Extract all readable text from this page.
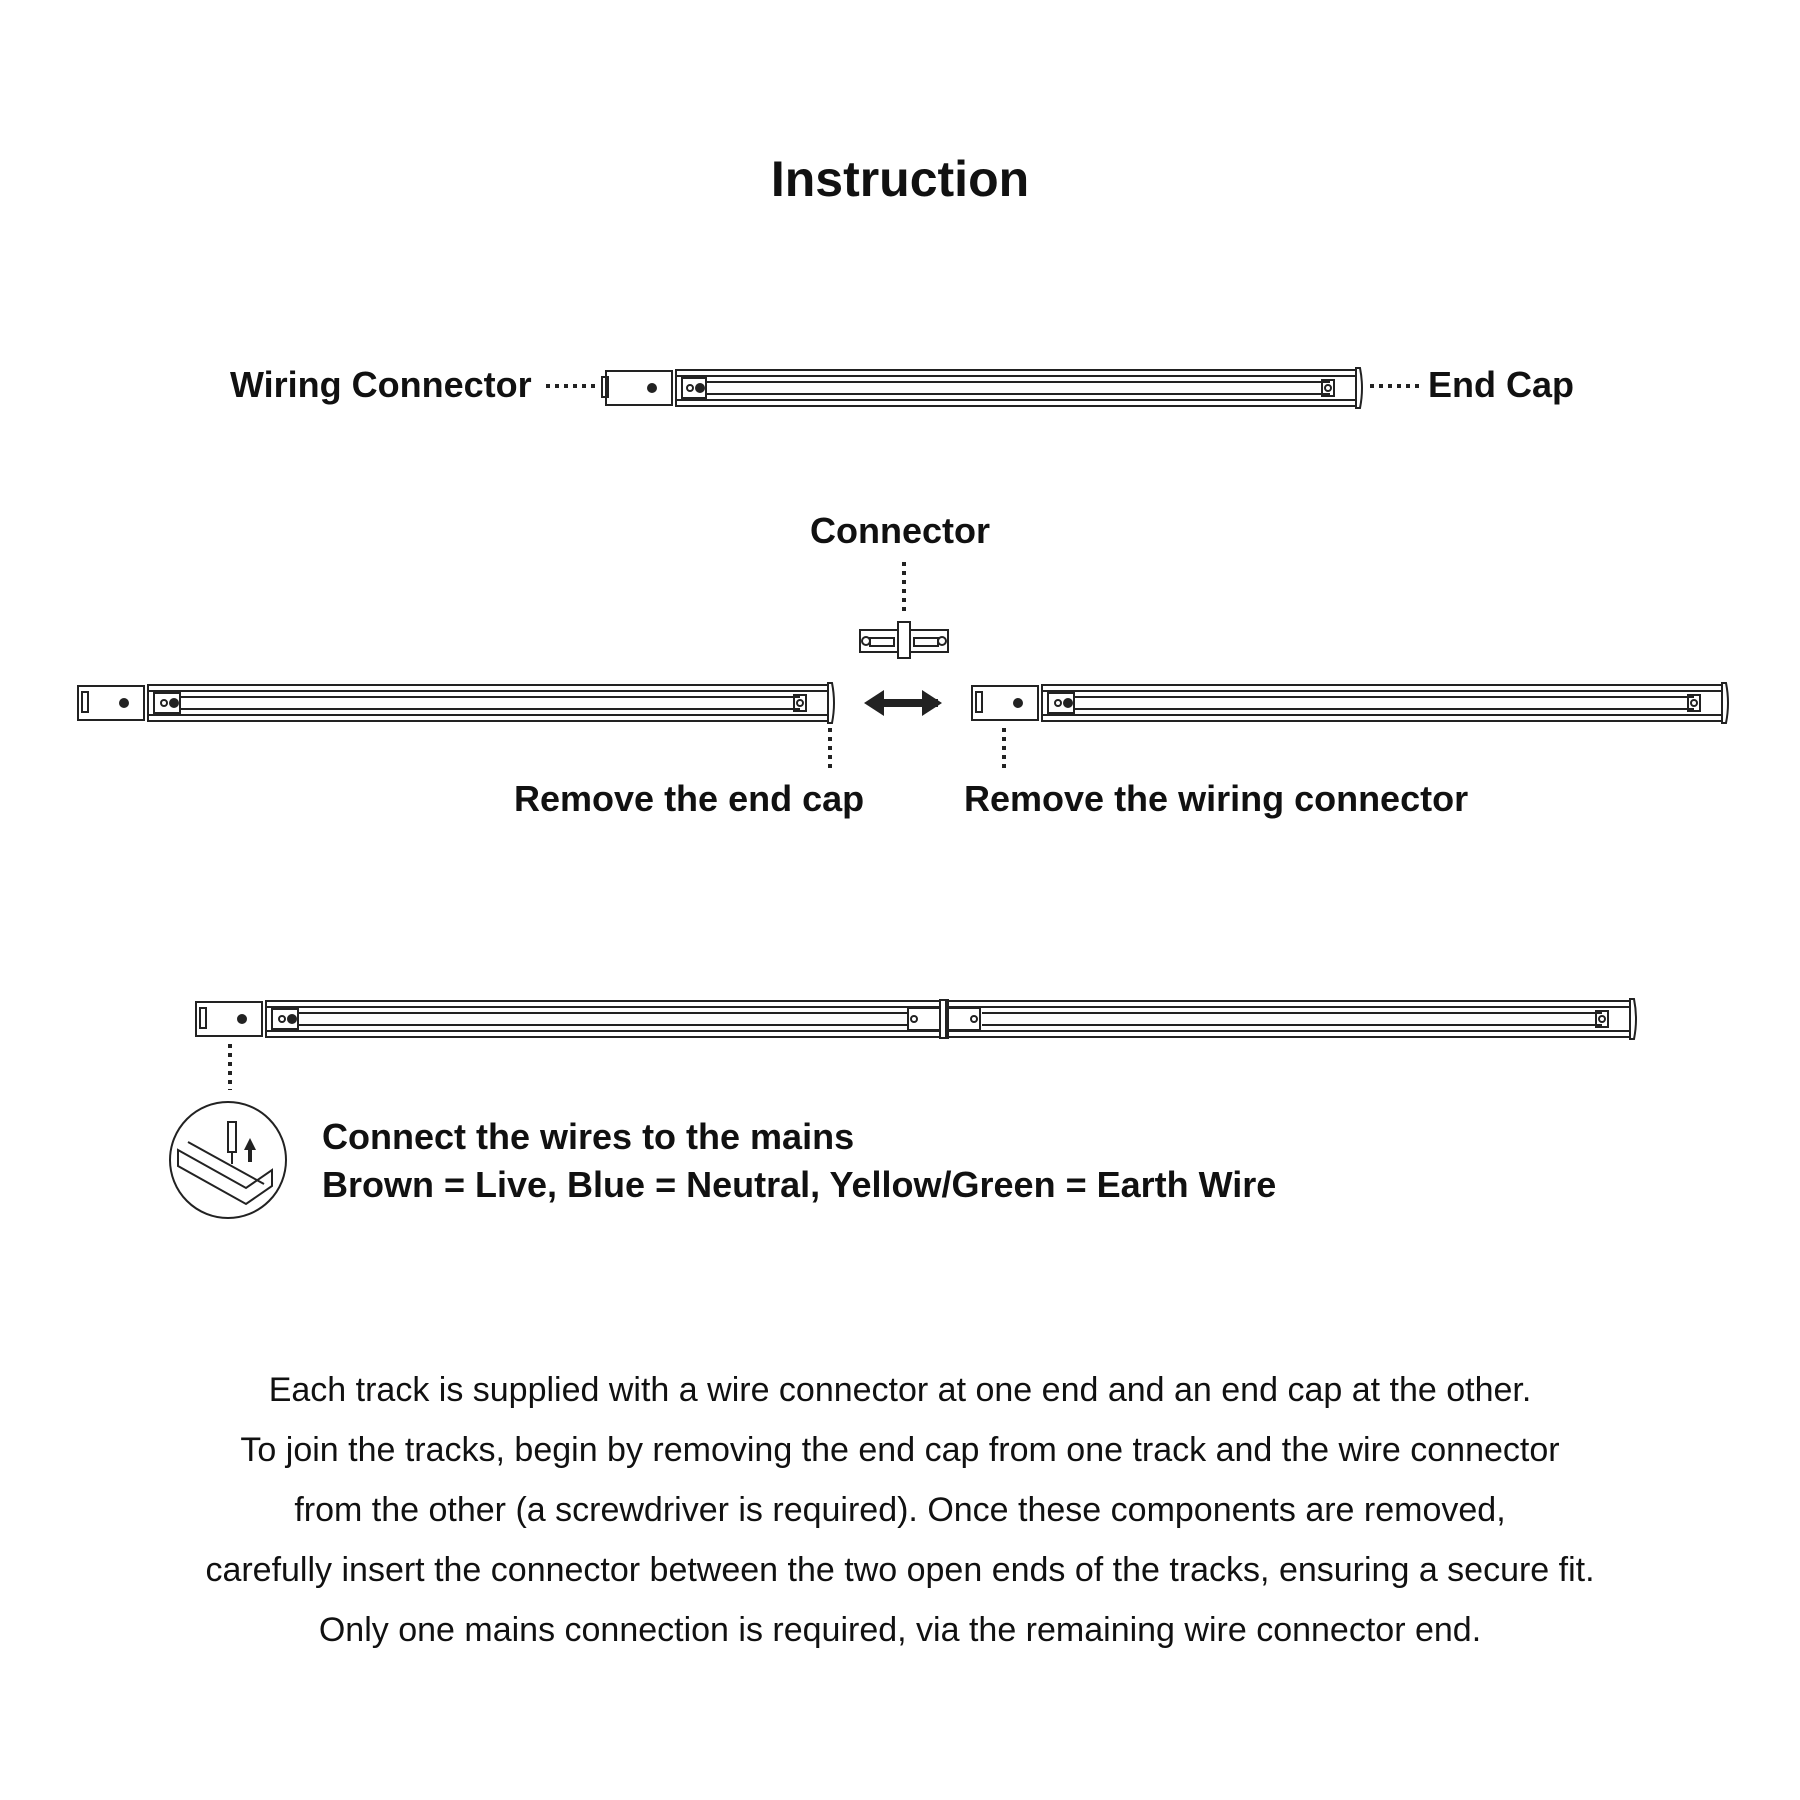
Instruction
Wiring Connector	End Cap
Connector
Remove the end cap	Remove the wiring connector
Connect the wires to the mains
Brown = Live, Blue = Neutral, Yellow/Green = Earth Wire
Each track is supplied with a wire connector at one end and an end cap at the other.
To join the tracks, begin by removing the end cap from one track and the wire connector
from the other (a screwdriver is required). Once these components are removed,
carefully insert the connector between the two open ends of the tracks, ensuring a secure fit.
Only one mains connection is required, via the remaining wire connector end.
